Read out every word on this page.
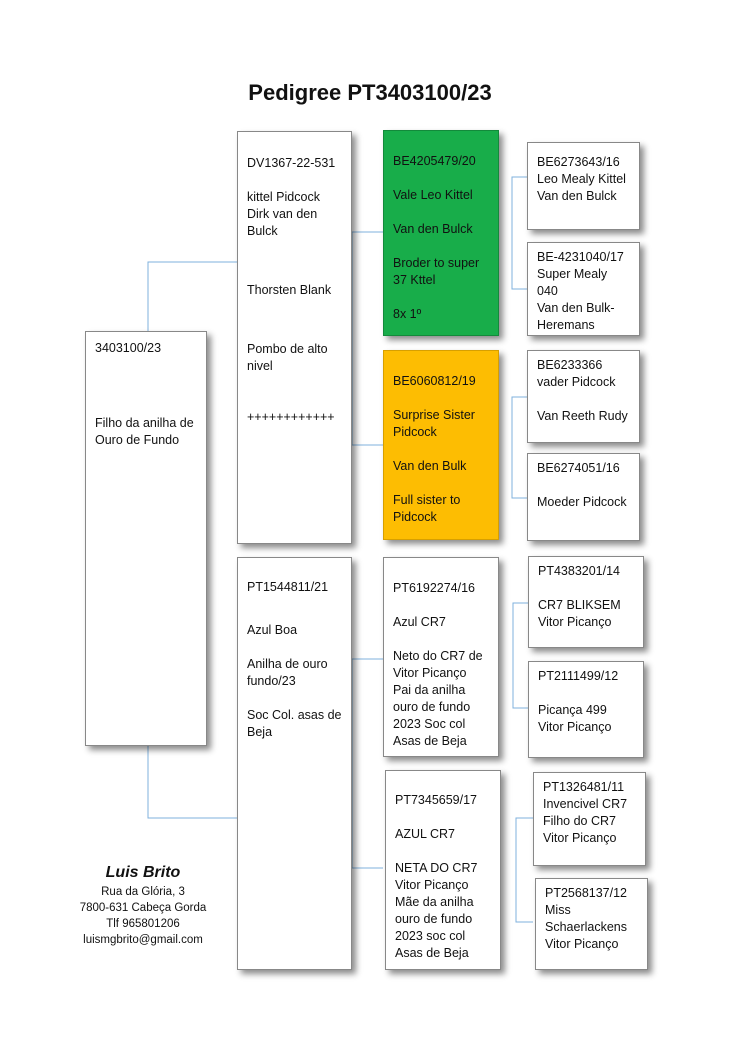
Pedigree PT3403100/23

3403100/23

Filho da anilha de
Ouro de Fundo

DV1367-22-531

kittel Pidcock
Dirk van den
Bulck

Thorsten Blank

Pombo de alto
nivel

++++++++++++

PT1544811/21

Azul Boa

Anilha de ouro
fundo/23

Soc Col. asas de
Beja

BE4205479/20

Vale Leo Kittel

Van den Bulck

Broder to super
37 Kttel

8x 1º

BE6060812/19

Surprise Sister
Pidcock

Van den Bulk

Full sister to
Pidcock

PT6192274/16

Azul CR7

Neto do CR7 de
Vitor Picanço
Pai da anilha
ouro de fundo
2023 Soc col
Asas de Beja

PT7345659/17

AZUL CR7

NETA DO CR7
Vitor Picanço
Mãe da anilha
ouro de fundo
2023 soc col
Asas de Beja

BE6273643/16
Leo Mealy Kittel
Van den Bulck

BE-4231040/17
Super Mealy 040
Van den Bulk-
Heremans

BE6233366
vader Pidcock

Van Reeth Rudy

BE6274051/16

Moeder Pidcock

PT4383201/14

CR7 BLIKSEM
Vitor Picanço

PT2111499/12

Picança 499
Vitor Picanço

PT1326481/11
Invencivel CR7
Filho do CR7
Vitor Picanço

PT2568137/12
Miss
Schaerlackens
Vitor Picanço

Luis Brito
Rua da Glória, 3
7800-631 Cabeça Gorda
Tlf 965801206
luismgbrito@gmail.com
